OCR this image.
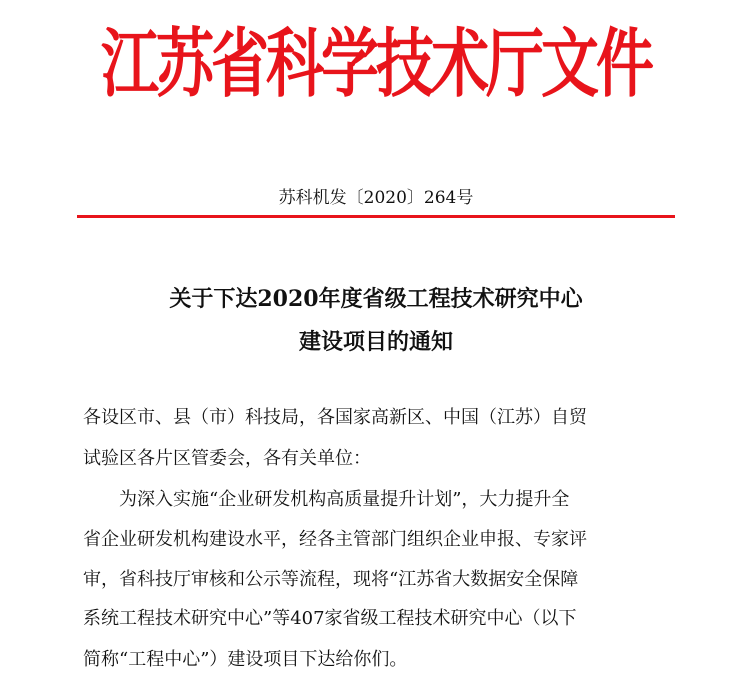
江苏省科学技术厅文件
苏科机发〔2020〕264号
关于下达2020年度省级工程技术研究中心
建设项目的通知
各设区市、县（市）科技局，各国家高新区、中国（江苏）自贸
试验区各片区管委会，各有关单位：
为深入实施“企业研发机构高质量提升计划”，大力提升全
省企业研发机构建设水平，经各主管部门组织企业申报、专家评
审，省科技厅审核和公示等流程，现将“江苏省大数据安全保障
系统工程技术研究中心”等407家省级工程技术研究中心（以下
简称“工程中心”）建设项目下达给你们。
